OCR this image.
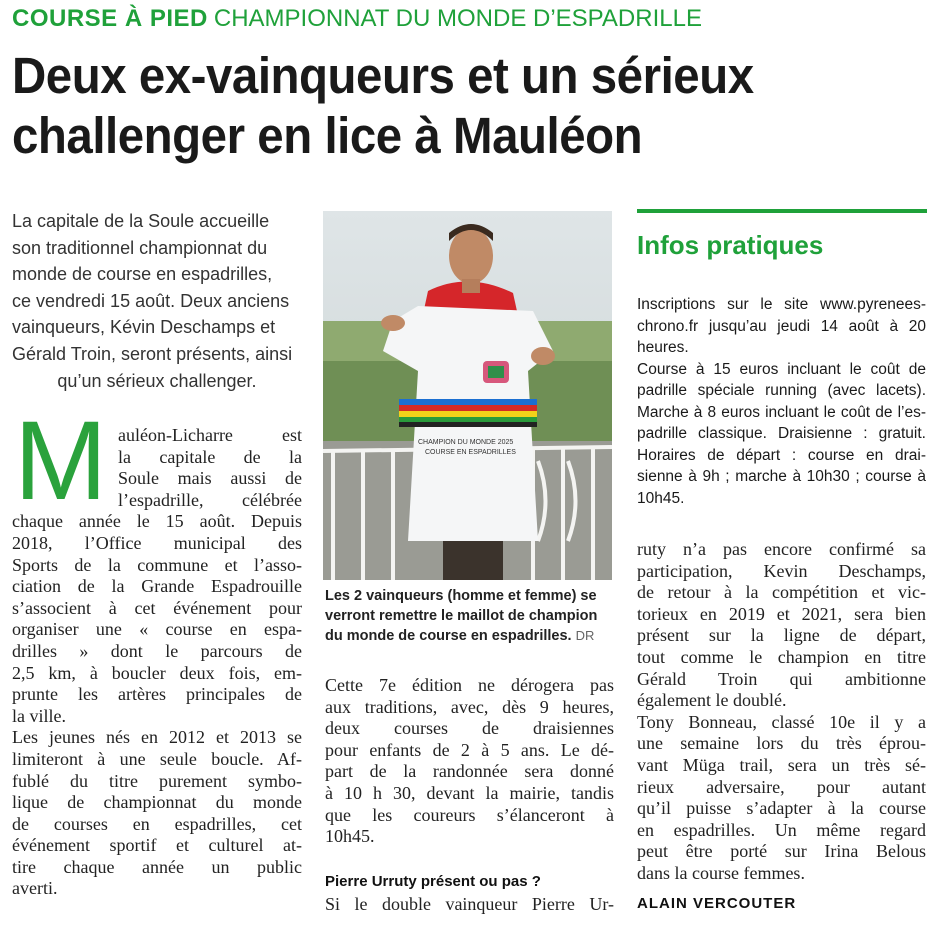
COURSE À PIED CHAMPIONNAT DU MONDE D’ESPADRILLE
Deux ex-vainqueurs et un sérieux
challenger en lice à Mauléon
La capitale de la Soule accueille
son traditionnel championnat du
monde de course en espadrilles,
ce vendredi 15 août. Deux anciens
vainqueurs, Kévin Deschamps et
Gérald Troin, seront présents, ainsi
qu’un sérieux challenger.
M auléon-Licharre est
la capitale de la
Soule mais aussi de
l’espadrille, célébrée
chaque année le 15 août. Depuis
2018, l’Office municipal des
Sports de la commune et l’asso-
ciation de la Grande Espadrouille
s’associent à cet événement pour
organiser une « course en espa-
drilles » dont le parcours de
2,5 km, à boucler deux fois, em-
prunte les artères principales de
la ville.
Les jeunes nés en 2012 et 2013 se
limiteront à une seule boucle. Af-
fublé du titre purement symbo-
lique de championnat du monde
de courses en espadrilles, cet
événement sportif et culturel at-
tire chaque année un public
averti.
CHAMPION DU MONDE 2025
COURSE EN ESPADRILLES
Les 2 vainqueurs (homme et femme) se verront remettre le maillot de champion du monde de course en espadrilles. DR
Cette 7e édition ne dérogera pas
aux traditions, avec, dès 9 heures,
deux courses de draisiennes
pour enfants de 2 à 5 ans. Le dé-
part de la randonnée sera donné
à 10 h 30, devant la mairie, tandis
que les coureurs s’élanceront à
10h45.
Pierre Urruty présent ou pas ?
Si le double vainqueur Pierre Ur-
Infos pratiques
Inscriptions sur le site www.pyrenees-
chrono.fr jusqu’au jeudi 14 août à 20
heures.
Course à 15 euros incluant le coût de
padrille spéciale running (avec lacets).
Marche à 8 euros incluant le coût de l’es-
padrille classique. Draisienne : gratuit.
Horaires de départ : course en drai-
sienne à 9h ; marche à 10h30 ; course à
10h45.
ruty n’a pas encore confirmé sa
participation, Kevin Deschamps,
de retour à la compétition et vic-
torieux en 2019 et 2021, sera bien
présent sur la ligne de départ,
tout comme le champion en titre
Gérald Troin qui ambitionne
également le doublé.
Tony Bonneau, classé 10e il y a
une semaine lors du très éprou-
vant Müga trail, sera un très sé-
rieux adversaire, pour autant
qu’il puisse s’adapter à la course
en espadrilles. Un même regard
peut être porté sur Irina Belous
dans la course femmes.
ALAIN VERCOUTER
